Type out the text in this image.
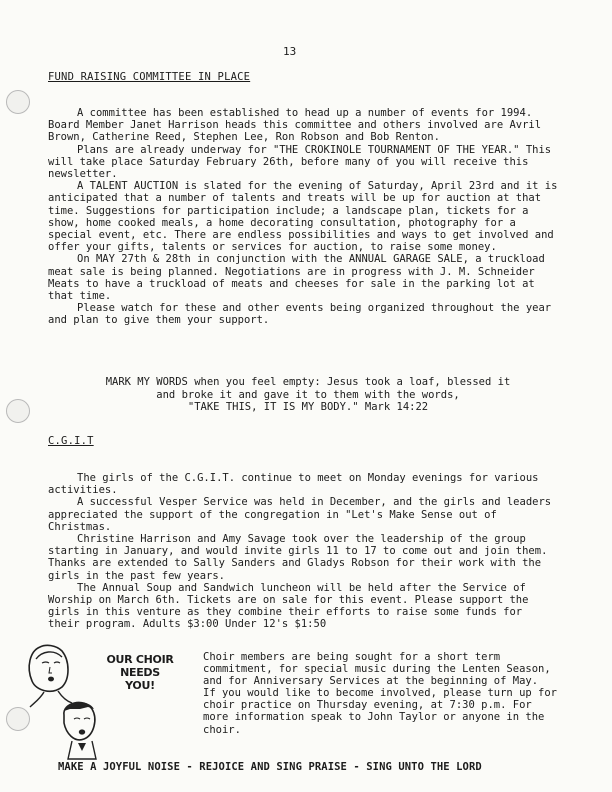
13
FUND RAISING COMMITTEE IN PLACE

A committee has been established to head up a number of events for 1994. Board Member Janet Harrison heads this committee and others involved are Avril Brown, Catherine Reed, Stephen Lee, Ron Robson and Bob Renton.

Plans are already underway for "THE CROKINOLE TOURNAMENT OF THE YEAR." This will take place Saturday February 26th, before many of you will receive this newsletter.

A TALENT AUCTION is slated for the evening of Saturday, April 23rd and it is anticipated that a number of talents and treats will be up for auction at that time. Suggestions for participation include; a landscape plan, tickets for a show, home cooked meals, a home decorating consultation, photography for a special event, etc. There are endless possibilities and ways to get involved and offer your gifts, talents or services for auction, to raise some money.

On MAY 27th & 28th in conjunction with the ANNUAL GARAGE SALE, a truckload meat sale is being planned. Negotiations are in progress with J. M. Schneider Meats to have a truckload of meats and cheeses for sale in the parking lot at that time.

Please watch for these and other events being organized throughout the year and plan to give them your support.

MARK MY WORDS when you feel empty: Jesus took a loaf, blessed it

and broke it and gave it to them with the words,

"TAKE THIS, IT IS MY BODY." Mark 14:22

C.G.I.T

The girls of the C.G.I.T. continue to meet on Monday evenings for various activities.

A successful Vesper Service was held in December, and the girls and leaders appreciated the support of the congregation in "Let's Make Sense out of Christmas.

Christine Harrison and Amy Savage took over the leadership of the group starting in January, and would invite girls 11 to 17 to come out and join them. Thanks are extended to Sally Sanders and Gladys Robson for their work with the girls in the past few years.

The Annual Soup and Sandwich luncheon will be held after the Service of Worship on March 6th. Tickets are on sale for this event. Please support the girls in this venture as they combine their efforts to raise some funds for their program. Adults $3:00 Under 12's $1:50

OUR CHOIR
NEEDS
YOU!

Choir members are being sought for a short term commitment, for special music during the Lenten Season, and for Anniversary Services at the beginning of May.

If you would like to become involved, please turn up for choir practice on Thursday evening, at 7:30 p.m. For more information speak to John Taylor or anyone in the choir.

MAKE A JOYFUL NOISE - REJOICE AND SING PRAISE - SING UNTO THE LORD
